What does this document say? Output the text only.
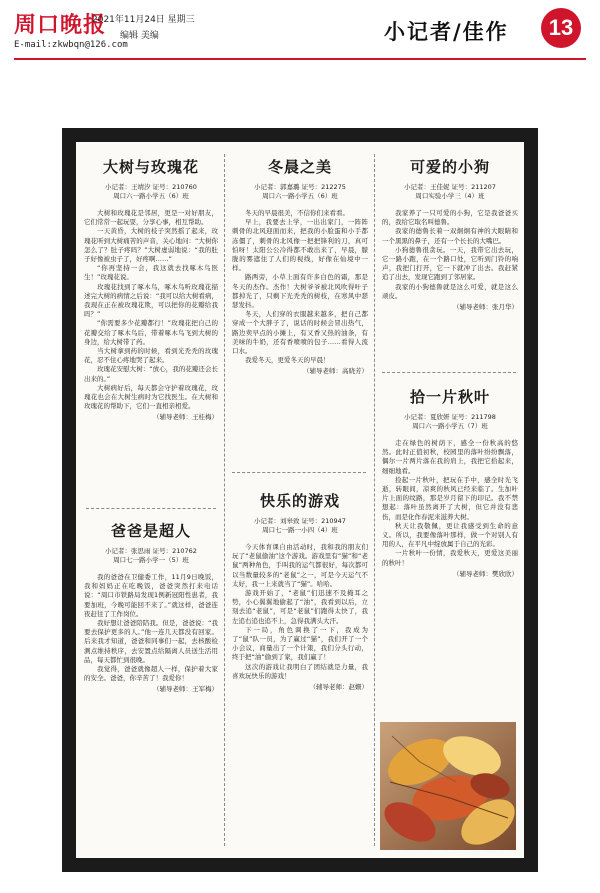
周口晚报
E-mail:zkwbqn@126.com
2021年11月24日 星期三
编辑 美编	小记者/佳作	13
大树与玫瑰花
小记者：王靖汐 证号：210760
周口六一路小学五（6）班

大树和玫瑰花是邻居，更是一对好朋友，它们常常一起玩耍，分享心事，相互帮助。

一天黄昏，大树的枝子突然摇了起来，玫瑰花听到大树痛苦的声音，关心地问：“大树你怎么了？肚子疼吗？”大树虚弱地说：“我的肚子好像被虫子了，好疼啊……”

“你再坚持一会，我这就去找啄木鸟医生！”玫瑰花说。

玫瑰花找到了啄木鸟，啄木鸟听玫瑰花描述完大树的病情之后说：“我可以给大树看病，我现在正在被玫瑰花欺，可以把你的花瓣给我吗？”

“你需要多少花瓣都行！”玫瑰花把自己的花瓣交给了啄木鸟后，带着啄木鸟飞到大树的身边，给大树带了药。

当大树拿到药的时候，看到光秃秃的玫瑰花，忍不住心疼地哭了起来。

玫瑰花安慰大树：“放心，我的花瓣还会长出来的。”

大树病好后，每天都会守护着玫瑰花，玫瑰花也会在大树生病时为它找医生。在大树和玫瑰花的帮助下，它们一直相亲相爱。

（辅导老师：王桂梅）
冬晨之美
小记者：郭嘉璐 证号：212275
周口六一路小学五（6）班

冬天的早晨很美，不信你们来看看。

早上，我要去上学，一出出家门，一阵阵刺骨的北风迎面而来，把我的小脸蛋和小手都冻僵了，刺骨的北风像一把把锋利的刀，真可怕呀！太阳公公冷得都不敢出来了，早晨，朦胧的雾遮住了人们的视线，好像在仙境中一样。

路两旁，小草上面有许多白色的霜，那是冬天的杰作。杰作！大树爷爷被北风吹得叶子都掉光了，只剩下光秃秃的树枝，在寒风中瑟瑟发抖。

冬天，人们穿的衣服越来越多，把自己都穿成一个大胖子了，说话的时候会冒出热气，路边卖早点的小摊上，有又香又热的油条，有美味的牛奶，还有香喷喷的包子……看得人流口水。

我爱冬天，更爱冬天的早晨！

（辅导老师：高晓芳）
可爱的小狗
小记者：王佳妮 证号：211207
周口实验小学三（4）班

我家养了一只可爱的小狗，它是我爸爸买的，我给它取名叫德鲁。

我家的德鲁长着一双炯炯有神的大眼睛和一个黑黑的鼻子，还有一个长长的大嘴巴。

小狗德鲁很贪玩。一天，我带它出去玩，它一路小跑，在一个路口处，它听到门铃的响声，我把门打开，它一下就冲了出去。我赶紧追了出去，发现它跑到了邻居家。

我家的小狗德鲁就是这么可爱，就是这么顽皮。

（辅导老师：张月华）
拾一片秋叶
小记者：夏欣妍 证号：211798
周口六一路小学五（7）班

走在绿色的树荫下，感全一份秋高的悠然。此时正值初秋，校园里的落叶纷纷飘落，偶尔一片两片落在我的肩上，我把它拾起来，细细地看。

捡起一片秋叶，把玩在手中，感全时光飞逝，转眼间，凉爽的秋风已经来临了。生加叶片上面的纹路，那是岁月留下的印记。我不禁想起：落叶虽然离开了大树，但它并没有悲伤，而是化作春泥来滋养大树。

秋天让我敬佩，更让我感受到生命的意义。所以，我要像落叶那样，做一个对别人有用的人，在平凡中绽放属于自己的光彩。

一片秋叶一份情，我爱秋天，更爱这美丽的秋叶！

（辅导老师：樊欣欣）
爸爸是超人
小记者：张思雨 证号：210762
周口七一路小学一（5）班

我的爸爸在卫健委工作，11月9日晚饭，我和妈妈正在吃晚饭，爸爸突然打来电话说：“周口市铁路局发现1例新冠阳性患者，我要加班，今晚可能回不来了。”就这样，爸爸连夜赶往了工作岗位。

我好想让爸爸陪陪我。但是，爸爸说：“我要去保护更多的人。”他一连几天都没有回家。后来我才知道，爸爸和同事们一起，去核酸检测点维持秩序，去安置点给隔离人员送生活用品，每天都忙到很晚。

我觉得，爸爸就像超人一样，保护着大家的安全。爸爸，你辛苦了！我爱你！

（辅导老师：王军梅）
快乐的游戏
小记者：刘皋致 证号：210947
周口七一路一小四（4）班

今天体育课自由活动时，我和我的朋友们玩了“老鼠偷油”这个游戏。游戏里有“猫”和“老鼠”两种角色，手叫我的运气都很好，每次都可以当数量较多的“老鼠”之一，可是今天运气不太好，我一上来就当了“猫”。哈哈。

游戏开始了，“老鼠”们迅速不及掩耳之势，小心翼翼地偷起了“油”，我看到以后，立刻去追“老鼠”，可是“老鼠”们跑得太快了，我左追右追也追不上，急得我满头大汗。

下一局，角色调换了一下，我成为了“鼠”队一员，为了赢过“猫”，我们开了一个小会议，商量出了一个计策，我们分头行动，终于把“油”偷到了家，我们赢了！

这次的游戏让我明白了团结就是力量，我喜欢玩快乐的游戏！

（辅导老师：赵姗）
